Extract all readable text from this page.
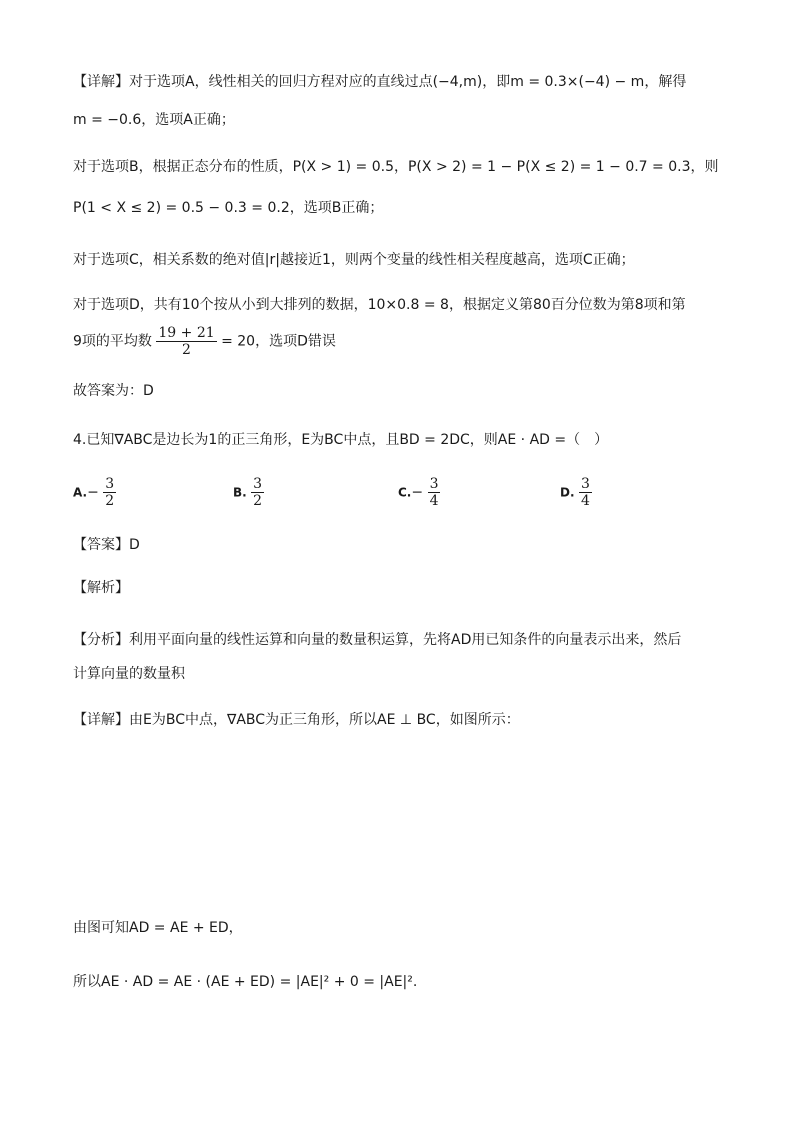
【详解】对于选项A，线性相关的回归方程对应的直线过点(−4,m)，即m = 0.3×(−4) − m，解得
m = −0.6，选项A正确；
对于选项B，根据正态分布的性质，P(X > 1) = 0.5，P(X > 2) = 1 − P(X ≤ 2) = 1 − 0.7 = 0.3，则
P(1 < X ≤ 2) = 0.5 − 0.3 = 0.2，选项B正确；
对于选项C，相关系数的绝对值|r|越接近1，则两个变量的线性相关程度越高，选项C正确；
对于选项D，共有10个按从小到大排列的数据，10×0.8 = 8，根据定义第80百分位数为第8项和第
9项的平均数 $\frac{19 + 21}{2} = 20$，选项D错误
故答案为：D
4.已知∇ABC是边长为1的正三角形，E为BC中点，且BD = 2DC，则AE · AD =（　）
$A.- \frac{3}{2}$	B. $\frac{3}{2}$	$C.- \frac{3}{4}$	D. $\frac{3}{4}$
【答案】D
【解析】
【分析】利用平面向量的线性运算和向量的数量积运算，先将AD用已知条件的向量表示出来，然后
计算向量的数量积
【详解】由E为BC中点，∇ABC为正三角形，所以AE ⊥ BC，如图所示：
由图可知AD = AE + ED，
所以AE · AD = AE · (AE + ED) = |AE|² + 0 = |AE|².
